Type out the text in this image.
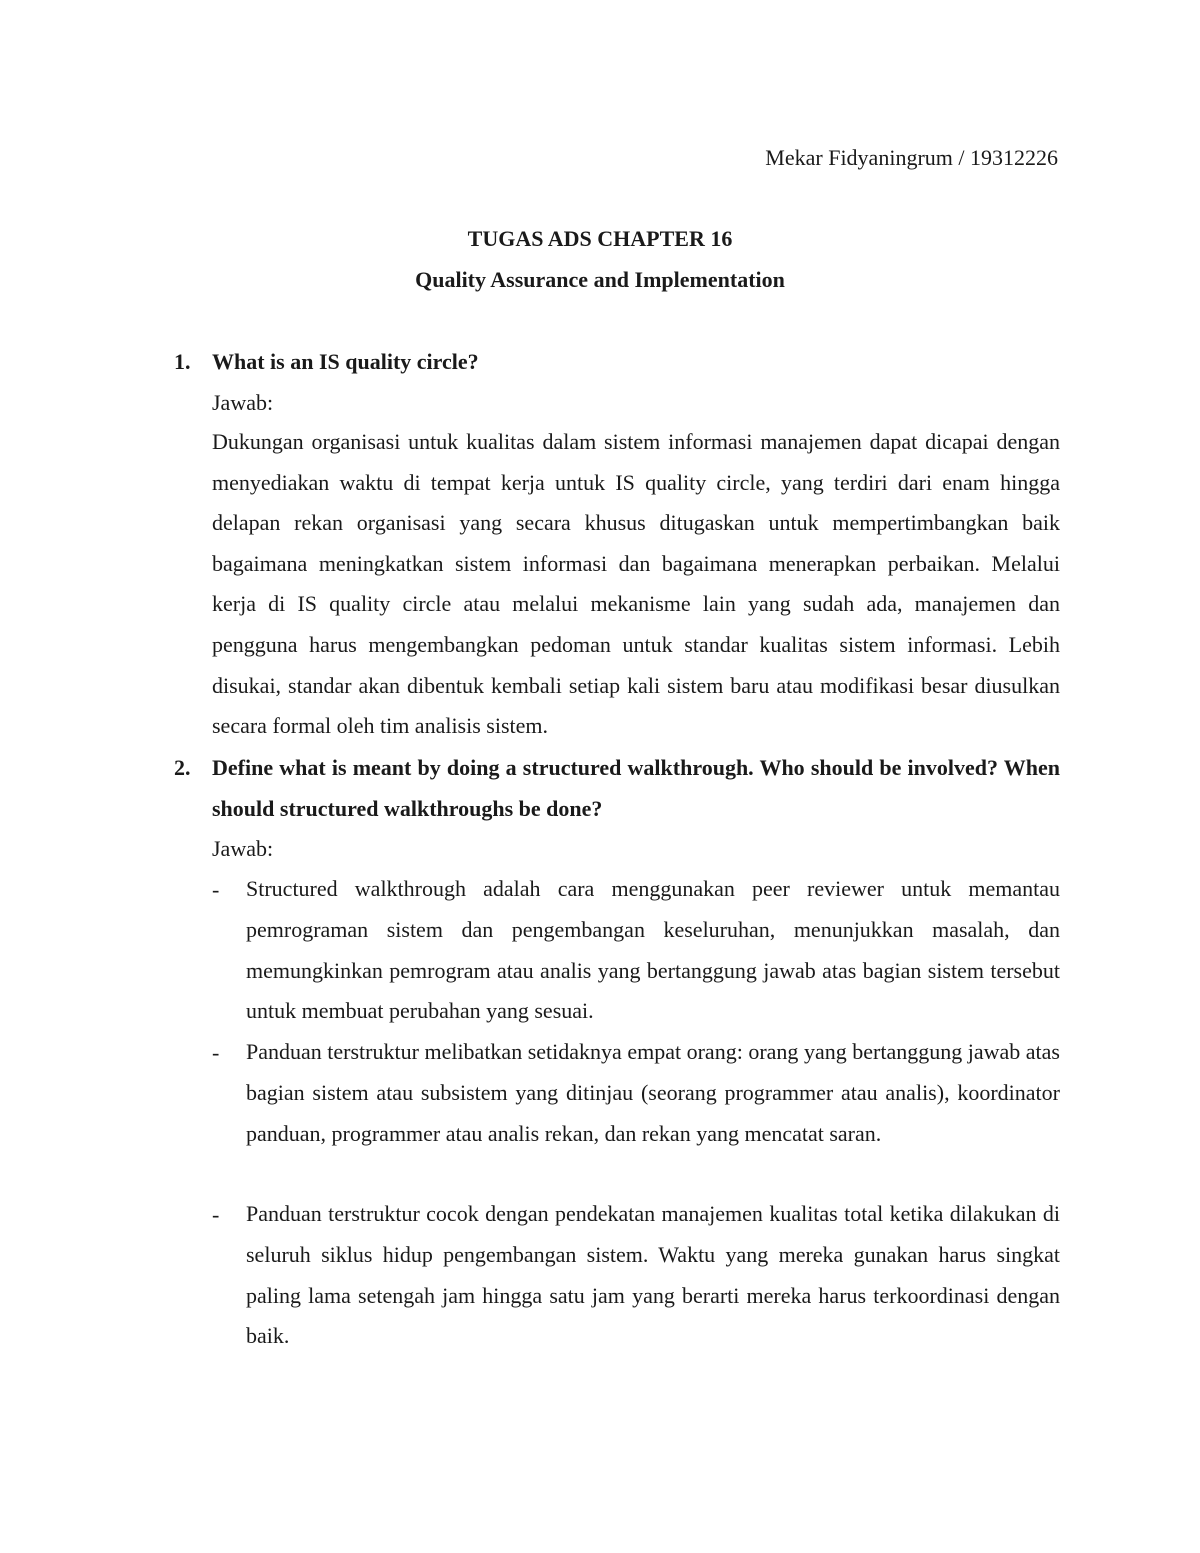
Mekar Fidyaningrum / 19312226
TUGAS ADS CHAPTER 16
Quality Assurance and Implementation
1. What is an IS quality circle?
Jawab:
Dukungan organisasi untuk kualitas dalam sistem informasi manajemen dapat dicapai dengan menyediakan waktu di tempat kerja untuk IS quality circle, yang terdiri dari enam hingga delapan rekan organisasi yang secara khusus ditugaskan untuk mempertimbangkan baik bagaimana meningkatkan sistem informasi dan bagaimana menerapkan perbaikan. Melalui kerja di IS quality circle atau melalui mekanisme lain yang sudah ada, manajemen dan pengguna harus mengembangkan pedoman untuk standar kualitas sistem informasi. Lebih disukai, standar akan dibentuk kembali setiap kali sistem baru atau modifikasi besar diusulkan secara formal oleh tim analisis sistem.
2. Define what is meant by doing a structured walkthrough. Who should be involved? When should structured walkthroughs be done?
Jawab:
- Structured walkthrough adalah cara menggunakan peer reviewer untuk memantau pemrograman sistem dan pengembangan keseluruhan, menunjukkan masalah, dan memungkinkan pemrogram atau analis yang bertanggung jawab atas bagian sistem tersebut untuk membuat perubahan yang sesuai.
- Panduan terstruktur melibatkan setidaknya empat orang: orang yang bertanggung jawab atas bagian sistem atau subsistem yang ditinjau (seorang programmer atau analis), koordinator panduan, programmer atau analis rekan, dan rekan yang mencatat saran.
- Panduan terstruktur cocok dengan pendekatan manajemen kualitas total ketika dilakukan di seluruh siklus hidup pengembangan sistem. Waktu yang mereka gunakan harus singkat paling lama setengah jam hingga satu jam yang berarti mereka harus terkoordinasi dengan baik.
